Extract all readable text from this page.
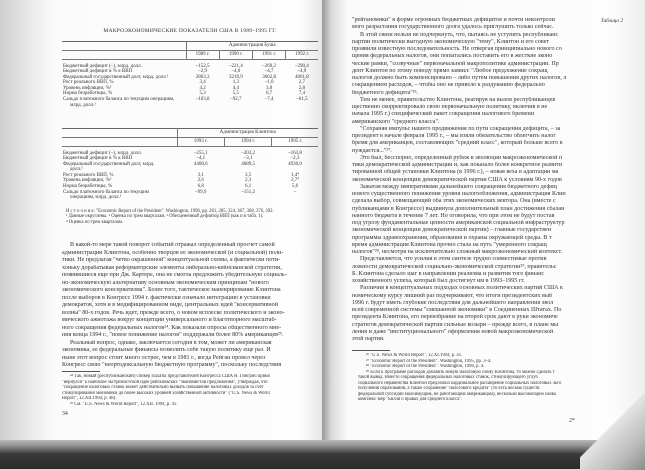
Таблица 2
МАКРОЭКОНОМИЧЕСКИЕ ПОКАЗАТЕЛИ США В 1989–1995 ГГ.
	Администрация Буша			
	1989 г.	1990 г.	1991 г.	1992 г.

Бюджетный дефицит (–), млрд. долл.	–152,5	–221,4	–269,2	–290,4
Бюджетный дефицит в % к ВВП	–2,9	–4,0	–4,7	–4,9
Федеральный государственный долг, млрд. долл.¹	2863,3	3210,9	3662,8	4061,8
Рост реального ВВП, %	3,4	1,3	–1,0	2,7
Уровень инфляции, %³	4,2	4,4	3,8	2,8
Норма безработицы, %	5,3	5,5	6,7	7,4
Сальдо платежного баланса по текущим операциям,	–103,8	–92,7	–7,4	–61,5
млрд. долл.¹				
	Администрация Клинтона		
	1993 г.	1994 г.	1995 г.

Бюджетный дефицит (–), млрд. долл.	–255,1	–203,2	–163,8
Бюджетный дефицит в % к ВВП	–4,1	–3,1	–2,3
Федеральный государственный долг, млрд.	4408,6	4689,5	4930,0
долл.¹			
Рост реального ВВП, %	3,1	3,5	1,4⁴
Уровень инфляции, %³	2,6	2,3	2,7⁴
Норма безработицы, %	6,8	6,1	5,6
Сальдо платежного баланса по текущим	–99,9	–151,2	–
операциям, млрд. долл.¹			
И с т о ч н и к: "Economic Report of the President". Washington, 1996, pp. 281, 285, 324, 367, 368, 376, 392.
¹ Данные округлены. ² Оценка по трем кварталам. ³ Обесцененный дефлятор ВВП (как и в табл. 1).
⁴ Оценка по трем кварталам.
В какой-то мере такой поворот событий отражал определенный просчет самой
администрации Клинтона, особенно творцов ее экономической (и социальной) поли-
тики. Не предлагая "четко окрашенной" концептуальной схемы, а фактически поти-
хоньку дорабатывая реформаторские элементы либерально-кейнсианской стратегии,
появившиеся еще при Дж. Картере, она не смогла предложить убедительную социаль-
но-экономическую альтернативу основным экономическим принципам "нового
экономического консерватизма". Более того, тактическое маневрирование Клинтона
после выборов в Конгресс 1994 г. фактически означало интеграцию в установки
демократов, хотя и в модифицированном виде, центральных идей "консервативной
волны" 80-х годов. Речь идет, прежде всего, о новом всплеске политического и эконо-
мического ажиотажа вокруг концепции универсального и благотворного масштаб-
ного сокращения федеральных налогов²⁴. Как показали опросы общественного мне-
ния конца 1994 г., "новое понижение налогов" поддержали более 80% американцев²⁵.
Реальный вопрос, однако, заключается сегодня в том, может ли американская
экономика, ее федеральные финансы позволить себе такую политику еще раз. И
ныне этот вопрос стоит много острее, чем в 1981 г., когда Рейган провел через
Конгресс свою "неортодоксальную бюджетную программу", поскольку последствия
²⁴ Так, новый (республиканский) спикер Палаты представителей Конгресса США Н. Гингрич прямо
"вернулся" к наиболее экстремистской идее рейгановских "экономистов предложения", утверждая, что
"сокращение налоговых ставок может действительно вызвать повышение налоговых доходов за счет
стимулирования экономики до более высоких уровней хозяйственной активности" ("U.S. News & World
Report", 12.XII.1994, p. 48).
²⁵ См. "U.S. News & World Report", 12.XII. 1994, p. 41.
34
"рейганомики" в форме огромных бюджетных дефицитов и почти неконтроли
мого разрастания государственного долга удалось приглушить только сейчас.
В этой связи нельзя не подчеркнуть, что, пытаясь не уступить республиканс
партии политически выгодную экономическую "тему", Клинтон и его совет
проявили известную последовательность. Не отвергая принципиально нового со
щения федеральных налогов, они попытались поставить его в жесткие эконо
ческие рамки, "созвучные" первоначальной макрополитике администрации. Пр
дент Клинтон по этому поводу прямо заявил: "Любое предложение сокращ
налогов должно быть компенсировано – либо путем повышения других налогов, л
сокращением расходов, – чтобы оно не привело к раздуванию федерально
бюджетного дефицита"²⁶.
Тем не менее, правительство Клинтона, реагируя на вызов республиканцев
щественно скорректировало свою первоначальную политику, включив в не
начала 1995 г.) специфический пакет сокращения налогового бремени
американского "среднего класса".
"Сохраняя импульс нашего продвижения по пути сокращения дефицита, – за
президент в начале февраля 1995 г., – мы взяли обязательство облегчить налог
бремя для американцев, составляющих "средний класс", который больше всего в
нуждается..."²⁷.
Это был, бесспорно, определенный рубеж в эволюции макроэкономической п
тики демократической администрации и, как показало более конкретное развити
тированной общей установки Клинтона (в 1996 г.), – новая веха в адаптации ма
экономической концепции демократической партии США к условиям 90-х годов
Зажатая между императивами дальнейшего сокращения бюджетного дефиц
нового существенного понижения уровня налогообложения, администрация Клин
сделала выбор, совмещающий оба этих экономических вектора. Она (вместе с
публиканцами в Конгрессе) выдвинула дополнительный план достижения сбалан
нанного бюджета в течение 7 лет. Но оговорила, что при этом не будут постав
под угрозу фундаментальные ценности американской социальной инфраструктур
экономической концепции демократической партии) – главные государствен
программы здравоохранения, образования и охраны окружающей среды. В т
время администрация Клинтона прочно стала на путь "умеренного сокращ
налогов"²⁸, несмотря на исключительно сложный макроэкономический контекст.
Представляется, что усилия в этом синтезе трудно совместимые против
ложности демократической социально-экономической стратегии²⁹, правительс
Б. Клинтона сделало шаг в направлении реализма и развития того финанс
хозяйственного успеха, который был достигнут им в 1993–1995 гг.
Различия в концептуальных подходах основных политических партий США к
номическому курсу лишний раз подчеркивают, что итоги президентских выб
1996 г. будут иметь глубокие последствия для дальнейшего направления эвол
всей современной системы "смешанной экономики" в Соединенных Штатах. По
президента Клинтона, его переизбрание на второй срок дают в руки экономиче
стратегов демократической партии сильные козыри – прежде всего, в плане мы
ления и даже "институционального" оформления новой макроэкономической
этой партии.
²⁶ "U.S. News & World Report", 12.XI.1994, p. 41.
²⁷ "Economic Report of the President". Washington, 1995, pp. 3–4.
²⁸ "Economic Report of the President". Washington, 1996, p. 4.
²⁹ Если к программе расходов добавить новую налоговую схему Клинтона, то можно сделать т
такой вывод. Вместо сокращения федеральных налоговых ставок, стимулирующего углуб
социального неравенства Клинтон предложил кардинальное расширение социальных налоговых льго
получения образования, а также сохранение "налогового кредита" (то есть весьма существ
федеральной субсидии малоимущим, не работающим американцам), несколько высокопарно назва
комплекс мер "Билля о правах для среднего класса".
2*
